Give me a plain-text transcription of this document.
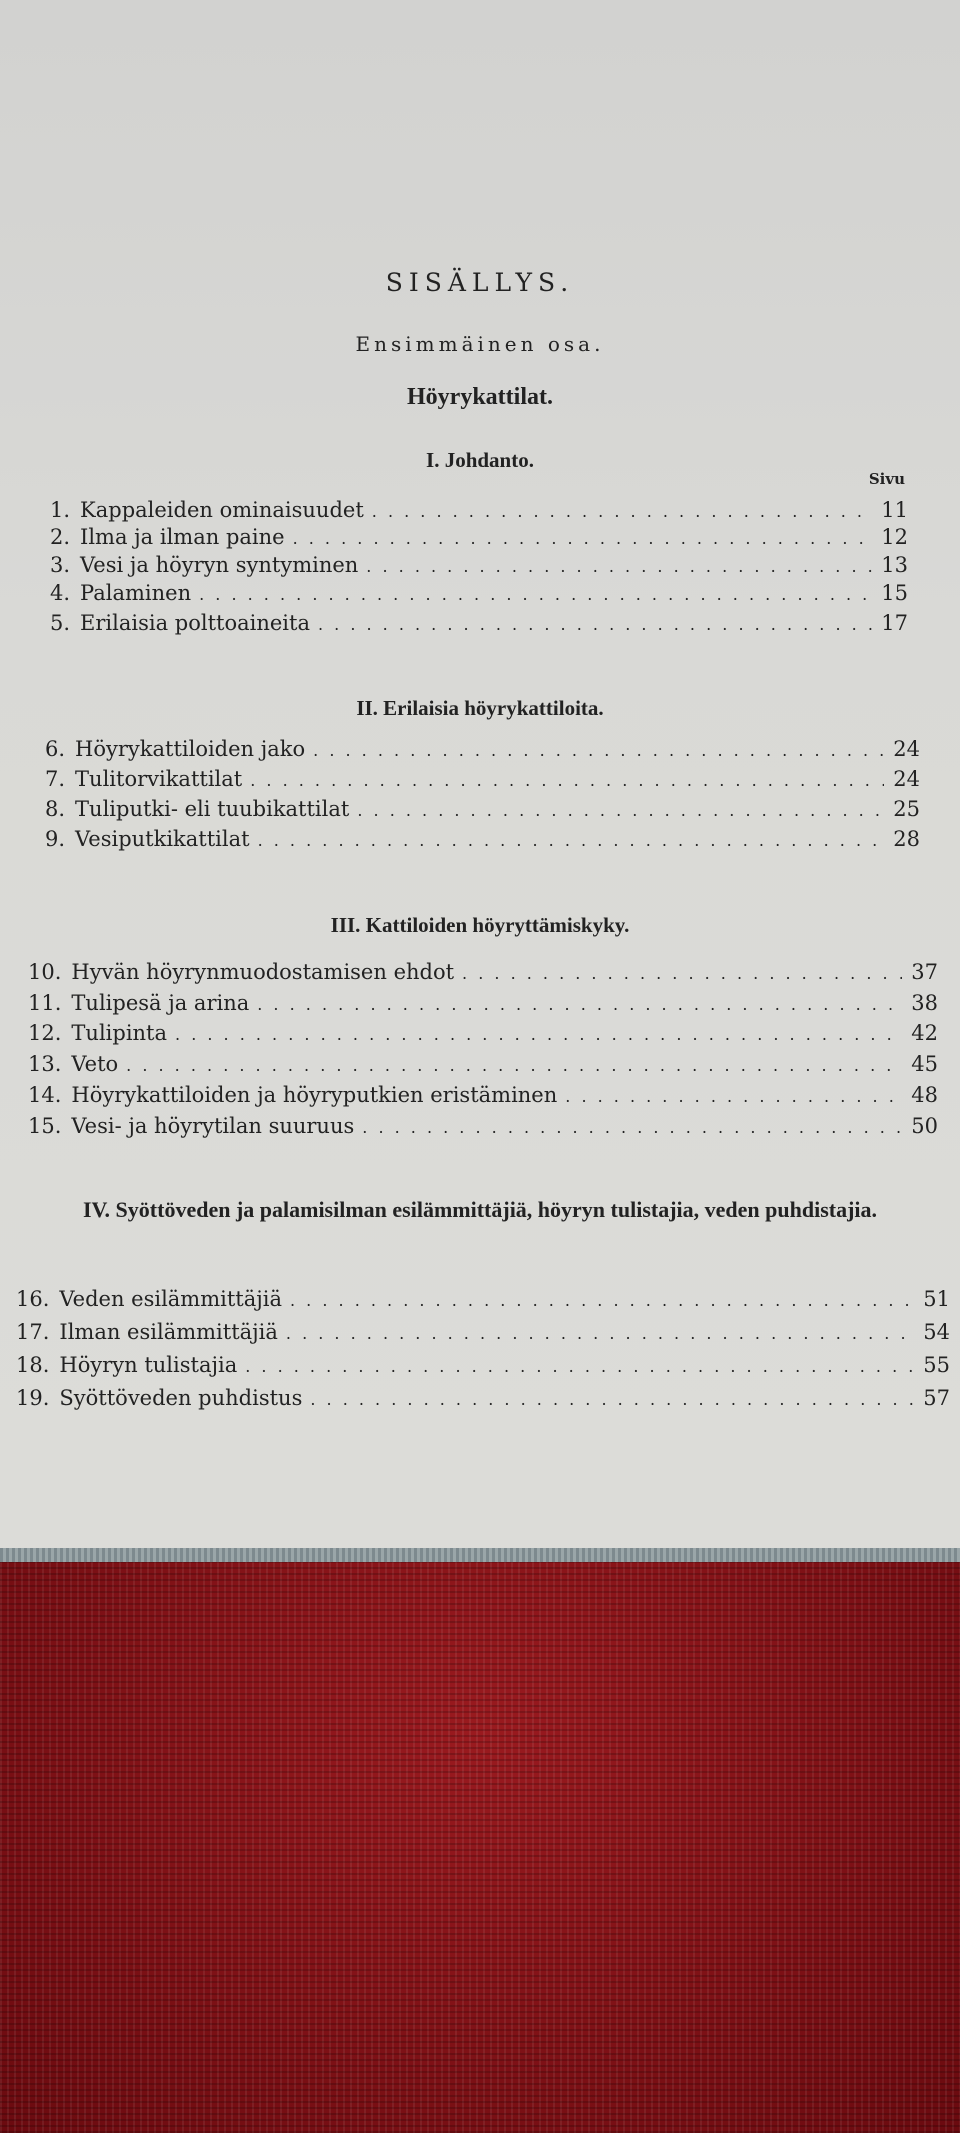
SISÄLLYS.
Ensimmäinen osa.
Höyrykattilat.
Sivu
I. Johdanto.
1. Kappaleiden ominaisuudet . . .	11
2. Ilma ja ilman paine . . .	12
3. Vesi ja höyryn syntyminen . . .	13
4. Palaminen . . .	15
5. Erilaisia polttoaineita . . .	17
II. Erilaisia höyrykattiloita.
6. Höyrykattiloiden jako . . .	24
7. Tulitorvikattilat . . .	24
8. Tuliputki- eli tuubikattilat . . .	25
9. Vesiputkikattilat . . .	28
III. Kattiloiden höyryttämiskyky.
10. Hyvän höyrynmuodostamisen ehdot . . .	37
11. Tulipesä ja arina . . .	38
12. Tulipinta . . .	42
13. Veto . . .	45
14. Höyrykattiloiden ja höyryputkien eristäminen . . .	48
15. Vesi- ja höyrytilan suuruus . . .	50
IV. Syöttöveden ja palamisilman esilämmittäjiä, höyryn tulistajia, veden puhdistajia.
16. Veden esilämmittäjiä . . .	51
17. Ilman esilämmittäjiä . . .	54
18. Höyryn tulistajia . . .	55
19. Syöttöveden puhdistus . . .	57
